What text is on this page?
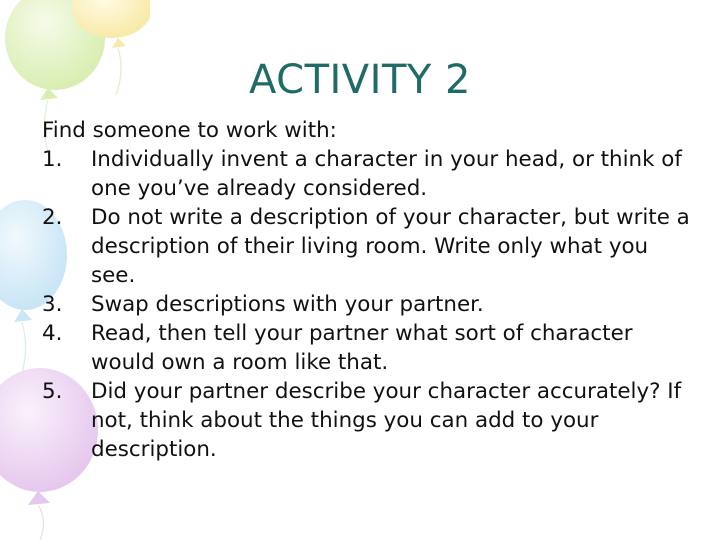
ACTIVITY 2

Find someone to work with:

1.	Individually invent a character in your head, or think of one you’ve already considered.
2.	Do not write a description of your character, but write a description of their living room. Write only what you see.
3.	Swap descriptions with your partner.
4.	Read, then tell your partner what sort of character would own a room like that.
5.	Did your partner describe your character accurately? If not, think about the things you can add to your description.
